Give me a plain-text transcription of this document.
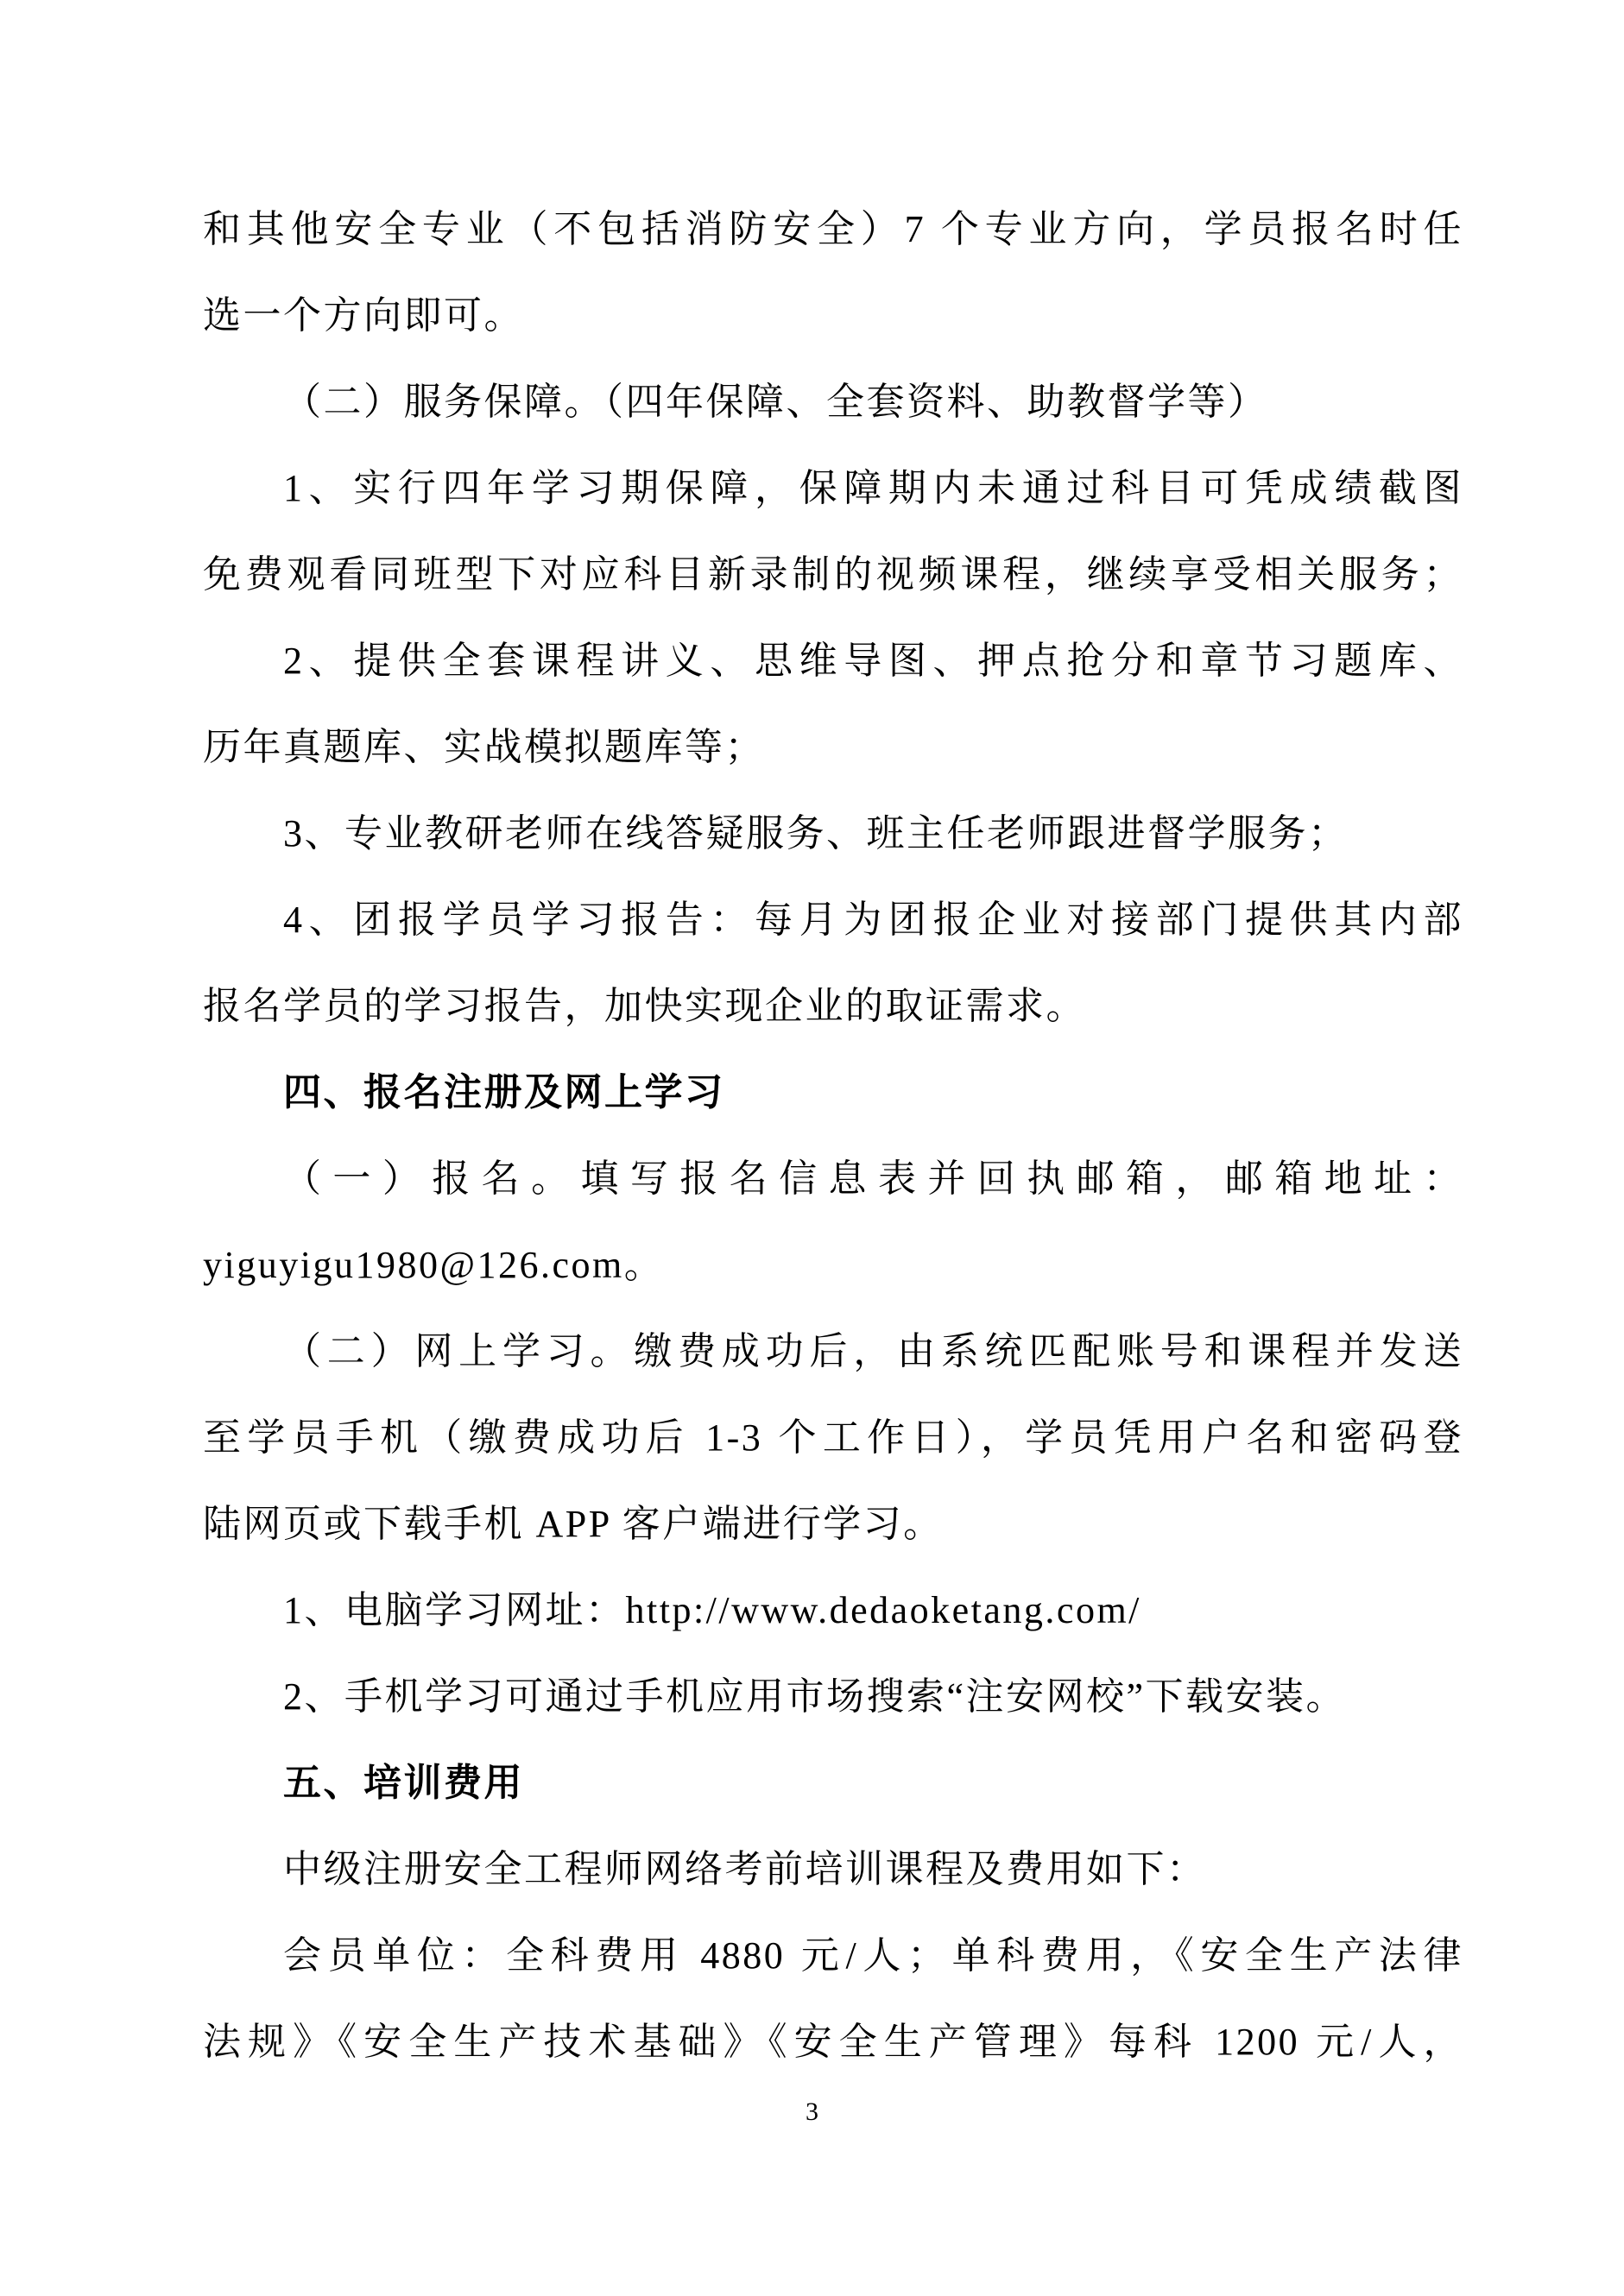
和其他安全专业（不包括消防安全）7 个专业方向，学员报名时任
选一个方向即可。
（二）服务保障。（四年保障、全套资料、助教督学等）
1、实行四年学习期保障，保障期内未通过科目可凭成绩截图
免费观看同班型下对应科目新录制的视频课程，继续享受相关服务；
2、提供全套课程讲义、思维导图、押点抢分和章节习题库、
历年真题库、实战模拟题库等；
3、专业教研老师在线答疑服务、班主任老师跟进督学服务；
4、团报学员学习报告：每月为团报企业对接部门提供其内部
报名学员的学习报告，加快实现企业的取证需求。
四、报名注册及网上学习
（一）报名。填写报名信息表并回执邮箱，邮箱地址：
yiguyigu1980@126.com。
（二）网上学习。缴费成功后，由系统匹配账号和课程并发送
至学员手机（缴费成功后 1-3 个工作日），学员凭用户名和密码登
陆网页或下载手机 APP 客户端进行学习。
1、电脑学习网址：http://www.dedaoketang.com/
2、手机学习可通过手机应用市场搜索“注安网校”下载安装。
五、培训费用
中级注册安全工程师网络考前培训课程及费用如下：
会员单位：全科费用 4880 元/人；单科费用，《安全生产法律
法规》《安全生产技术基础》《安全生产管理》每科 1200 元/人，
3
